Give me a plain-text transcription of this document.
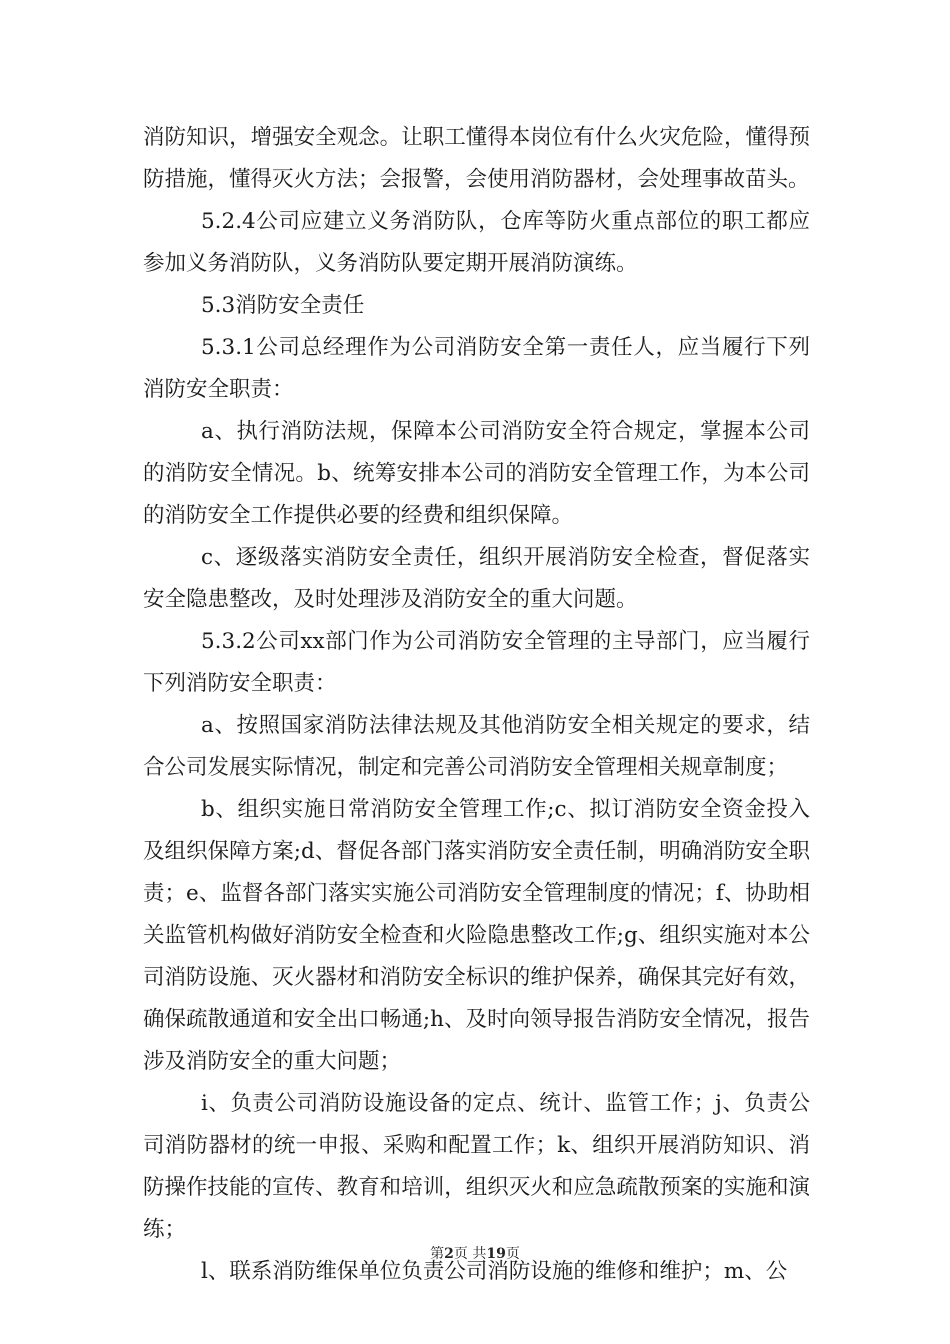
消防知识，增强安全观念。让职工懂得本岗位有什么火灾危险，懂得预防措施，懂得灭火方法；会报警，会使用消防器材，会处理事故苗头。

5.2.4公司应建立义务消防队，仓库等防火重点部位的职工都应参加义务消防队，义务消防队要定期开展消防演练。

5.3消防安全责任

5.3.1公司总经理作为公司消防安全第一责任人，应当履行下列消防安全职责：

a、执行消防法规，保障本公司消防安全符合规定，掌握本公司的消防安全情况。b、统筹安排本公司的消防安全管理工作，为本公司的消防安全工作提供必要的经费和组织保障。

c、逐级落实消防安全责任，组织开展消防安全检查，督促落实安全隐患整改，及时处理涉及消防安全的重大问题。

5.3.2公司xx部门作为公司消防安全管理的主导部门，应当履行下列消防安全职责：

a、按照国家消防法律法规及其他消防安全相关规定的要求，结合公司发展实际情况，制定和完善公司消防安全管理相关规章制度；

b、组织实施日常消防安全管理工作;c、拟订消防安全资金投入及组织保障方案;d、督促各部门落实消防安全责任制，明确消防安全职责；e、监督各部门落实实施公司消防安全管理制度的情况；f、协助相关监管机构做好消防安全检查和火险隐患整改工作;g、组织实施对本公司消防设施、灭火器材和消防安全标识的维护保养，确保其完好有效，确保疏散通道和安全出口畅通;h、及时向领导报告消防安全情况，报告涉及消防安全的重大问题；

i、负责公司消防设施设备的定点、统计、监管工作；j、负责公司消防器材的统一申报、采购和配置工作；k、组织开展消防知识、消防操作技能的宣传、教育和培训，组织灭火和应急疏散预案的实施和演练；

l、联系消防维保单位负责公司消防设施的维修和维护；m、公

第2页 共19页
